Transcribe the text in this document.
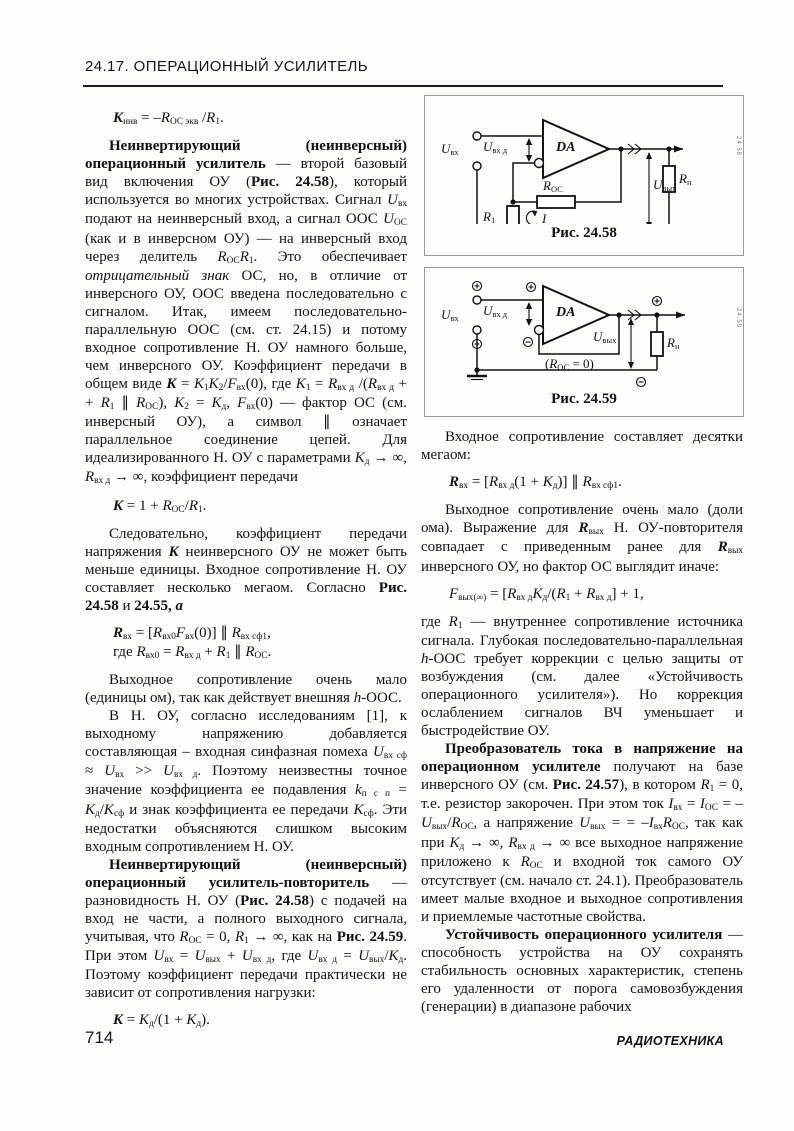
24.17. ОПЕРАЦИОННЫЙ УСИЛИТЕЛЬ

$K_{инв} = -R_{ОС экв}$ $/R_1$.

Неинвертирующий (неинверсный) операционный усилитель — второй базовый вид включения ОУ (Рис. 24.58), который используется во многих устройствах. Сигнал $U_{вх}$ подают на неинверсный вход, а сигнал ООС $U_{ОС}$ (как и в инверсном ОУ) — на инверсный вход через делитель $R_{ОС}R_1$. Это обеспечивает отрицательный знак ОС, но, в отличие от инверсного ОУ, ООС введена последовательно с сигналом. Итак, имеем последовательно-параллельную ООС (см. ст. 24.15) и потому входное сопротивление Н. ОУ намного больше, чем инверсного ОУ. Коэффициент передачи в общем виде $K = K_1K_2/F_{вх}(0)$, где $K_1 = R_{вх д}$ $/(R_{вх д}$ + + $R_1$ ∥ $R_{ОС}$), $K_2 = K_д$, $F_{вх}(0)$ — фактор ОС (см. инверсный ОУ), а символ ∥ означает параллельное соединение цепей. Для идеализированного Н. ОУ с параметрами $K_д$ → ∞, $R_{вх д}$ → ∞, коэффициент передачи

$K = 1 + R_{ОС}/R_1$.

Следовательно, коэффициент передачи напряжения K неинверсного ОУ не может быть меньше единицы. Входное сопротивление Н. ОУ составляет несколько мегаом. Согласно Рис. 24.58 и 24.55, а

$R_{вх} = [R_{вх0}F_{вх}(0)]$ ∥ $R_{вх сф1}$,
где $R_{вх0} = R_{вх д} + R_1$ ∥ $R_{ОС}$.

Выходное сопротивление очень мало (единицы ом), так как действует внешняя h-ООС.

В Н. ОУ, согласно исследованиям [1], к выходному напряжению добавляется составляющая – входная синфазная помеха $U_{вх сф} \approx U_{вх} >> U_{вх д}$. Поэтому неизвестны точное значение коэффициента ее подавления $k_{п с п} = K_д/K_{сф}$ и знак коэффициента ее передачи $K_{сф}$. Эти недостатки объясняются слишком высоким входным сопротивлением Н. ОУ.

Неинвертирующий (неинверсный) операционный усилитель-повторитель — разновидность Н. ОУ (Рис. 24.58) с подачей на вход не части, а полного выходного сигнала, учитывая, что $R_{ОС} = 0$, $R_1$ → ∞, как на Рис. 24.59. При этом $U_{вх} = U_{вых} + U_{вх д}$, где $U_{вх д} = U_{вых}/K_д$. Поэтому коэффициент передачи практически не зависит от сопротивления нагрузки:

$K = K_д/(1 + K_д)$.

$U_{вх}$ $U_{вх д}$	DA
$R_{ОС}$
$R_1$	I
$U_{вых}$
$R_н$
24.58
Рис. 24.58
$U_{вх}$ $U_{вх д}$	DA
$(R_{ОС} = 0)$
$U_{вых}$	$R_н$
24.59
Рис. 24.59

Входное сопротивление составляет десятки мегаом:

$R_{вх} = [R_{вх д}(1 + K_д)]$ ∥ $R_{вх сф1}$.

Выходное сопротивление очень мало (доли ома). Выражение для $R_{вых}$ Н. ОУ-повторителя совпадает с приведенным ранее для $R_{вых}$ инверсного ОУ, но фактор ОС выглядит иначе:

$F_{вых(\infty)} = [R_{вх д}K_д/(R_1 + R_{вх д}] + 1$,

где $R_1$ — внутреннее сопротивление источника сигнала. Глубокая последовательно-параллельная h-ООС требует коррекции с целью защиты от возбуждения (см. далее «Устойчивость операционного усилителя»). Но коррекция ослаблением сигналов ВЧ уменьшает и быстродействие ОУ.

Преобразователь тока в напряжение на операционном усилителе получают на базе инверсного ОУ (см. Рис. 24.57), в котором $R_1 = 0$, т.е. резистор закорочен. При этом ток $I_{вх} = I_{ОС} = -U_{вых}/R_{ОС}$, а напряжение $U_{вых}$ = = $-I_{вх}R_{ОС}$, так как при $K_д$ → ∞, $R_{вх д}$ → ∞ все выходное напряжение приложено к $R_{ОС}$ и входной ток самого ОУ отсутствует (см. начало ст. 24.1). Преобразователь имеет малые входное и выходное сопротивления и приемлемые частотные свойства.

Устойчивость операционного усилителя — способность устройства на ОУ сохранять стабильность основных характеристик, степень его удаленности от порога самовозбуждения (генерации) в диапазоне рабочих

714	РАДИОТЕХНИКА
